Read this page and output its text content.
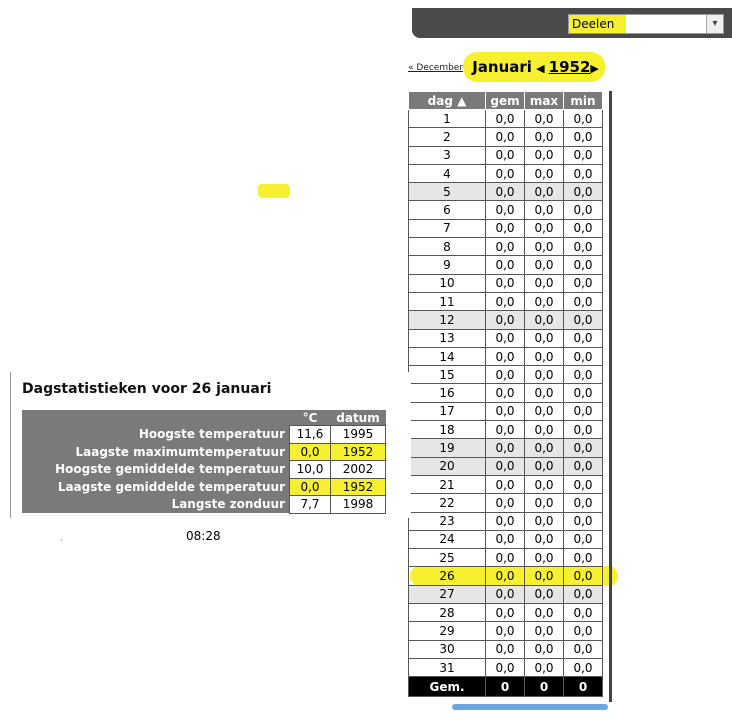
Deelen	▾
« December Januari ◀ 1952▶
dag ▲	gem	max	min
1	0,0	0,0	0,0
2	0,0	0,0	0,0
3	0,0	0,0	0,0
4	0,0	0,0	0,0
5	0,0	0,0	0,0
6	0,0	0,0	0,0
7	0,0	0,0	0,0
8	0,0	0,0	0,0
9	0,0	0,0	0,0
10	0,0	0,0	0,0
11	0,0	0,0	0,0
12	0,0	0,0	0,0
13	0,0	0,0	0,0
14	0,0	0,0	0,0
15	0,0	0,0	0,0
16	0,0	0,0	0,0
17	0,0	0,0	0,0
18	0,0	0,0	0,0
19	0,0	0,0	0,0
20	0,0	0,0	0,0
21	0,0	0,0	0,0
22	0,0	0,0	0,0
23	0,0	0,0	0,0
24	0,0	0,0	0,0
25	0,0	0,0	0,0
26	0,0	0,0	0,0
27	0,0	0,0	0,0
28	0,0	0,0	0,0
29	0,0	0,0	0,0
30	0,0	0,0	0,0
31	0,0	0,0	0,0
Gem.	0	0	0
Dagstatistieken voor 26 januari
	°C	datum
Hoogste temperatuur	11,6	1995
Laagste maximumtemperatuur	0,0	1952
Hoogste gemiddelde temperatuur	10,0	2002
Laagste gemiddelde temperatuur	0,0	1952
Langste zonduur	7,7	1998
,	08:28
